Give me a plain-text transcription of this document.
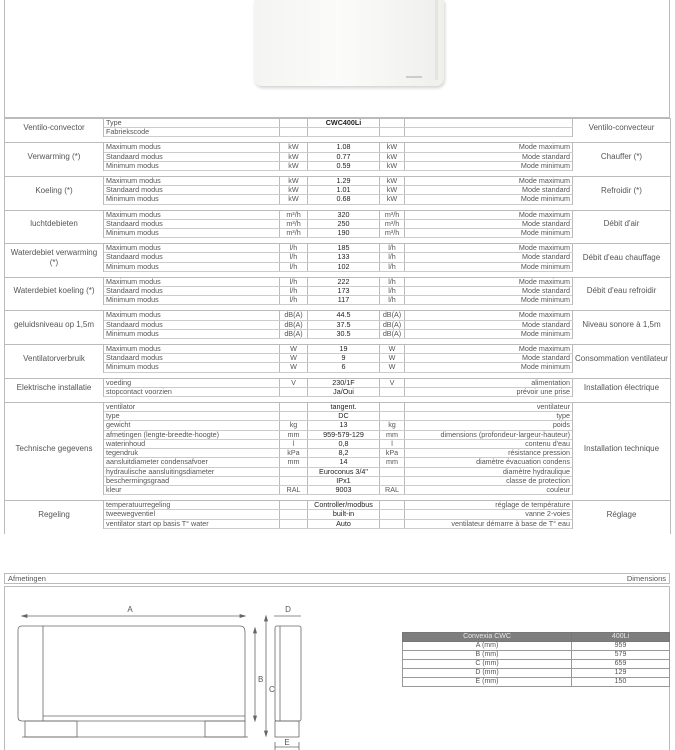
Ventilo-convector	Type		CWC400Li			Ventilo-convecteur
	Fabriekscode					

Verwarming (*)	Maximum modus	kW	1.08	kW	Mode maximum	Chauffer (*)
	Standaard modus	kW	0.77	kW	Mode standard	
	Minimum modus	kW	0.59	kW	Mode minimum	

Koeling (*)	Maximum modus	kW	1.29	kW	Mode maximum	Refroidir (*)
	Standaard modus	kW	1.01	kW	Mode standard	
	Minimum modus	kW	0.68	kW	Mode minimum	

luchtdebieten	Maximum modus	m³/h	320	m³/h	Mode maximum	Débit d'air
	Standaard modus	m³/h	250	m³/h	Mode standard	
	Minimum modus	m³/h	190	m³/h	Mode minimum	

Waterdebiet verwarming (*)	Maximum modus	l/h	185	l/h	Mode maximum	Débit d'eau chauffage
	Standaard modus	l/h	133	l/h	Mode standard	
	Minimum modus	l/h	102	l/h	Mode minimum	

Waterdebiet koeling (*)	Maximum modus	l/h	222	l/h	Mode maximum	Débit d'eau refroidir
	Standaard modus	l/h	173	l/h	Mode standard	
	Minimum modus	l/h	117	l/h	Mode minimum	

geluidsniveau op 1,5m	Maximum modus	dB(A)	44.5	dB(A)	Mode maximum	Niveau sonore à 1,5m
	Standaard modus	dB(A)	37.5	dB(A)	Mode standard	
	Minimum modus	dB(A)	30.5	dB(A)	Mode minimum	

Ventilatorverbruik	Maximum modus	W	19	W	Mode maximum	Consommation ventilateur
	Standaard modus	W	9	W	Mode standard	
	Minimum modus	W	6	W	Mode minimum	

Elektrische installatie	voeding	V	230/1F	V	alimentation	Installation électrique
	stopcontact voorzien		Ja/Oui		prévoir une prise	

Technische gegevens	ventilator		tangent.		ventilateur	Installation technique
	type		DC		type	
	gewicht	kg	13	kg	poids	
	afmetingen (lengte-breedte-hoogte)	mm	959-579-129	mm	dimensions (profondeur-largeur-hauteur)	
	waterinhoud	l	0,8	l	contenu d'eau	
	tegendruk	kPa	8,2	kPa	résistance pression	
	aansluitdiameter condensafvoer	mm	14	mm	diamètre évacuation condens	
	hydraulische aansluitingsdiameter		Euroconus 3/4"		diamètre hydraulique	
	beschermingsgraad		IPx1		classe de protection	
	kleur	RAL	9003	RAL	couleur	

Regeling	temperatuurregeling		Controller/modbus		réglage de température	Réglage
	tweewegventiel		built-in		vanne 2-voies	
	ventilator start op basis T° water		Auto		ventilateur démarre à base de T° eau	

Afmetingen	Dimensions
A
B
C
D
E
Convexia CWC	400Li
A (mm)	959
B (mm)	579
C (mm)	659
D (mm)	129
E (mm)	150
